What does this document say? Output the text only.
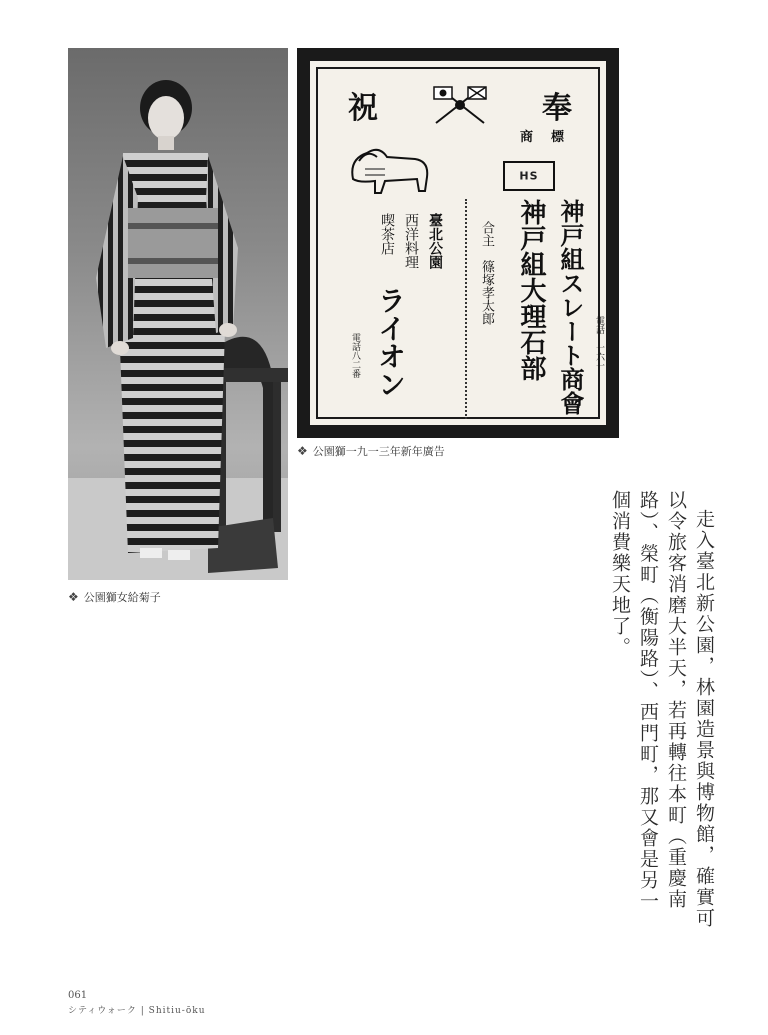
❖ 公園獅女給菊子
奉
祝
商標
HS
神戸組スレート商會
神戸組大理石部
合主　篠塚孝太郎
電話　一六一
臺北公園
西洋料理
喫茶店
ライオン
電話八二番
❖ 公園獅一九一三年新年廣告

走入臺北新公園，林園造景與博物館，確實可以令旅客消磨大半天，若再轉往本町（重慶南路）、榮町（衡陽路）、西門町，那又會是另一個消費樂天地了。

061
シティウォーク | Shitiu-ōku
